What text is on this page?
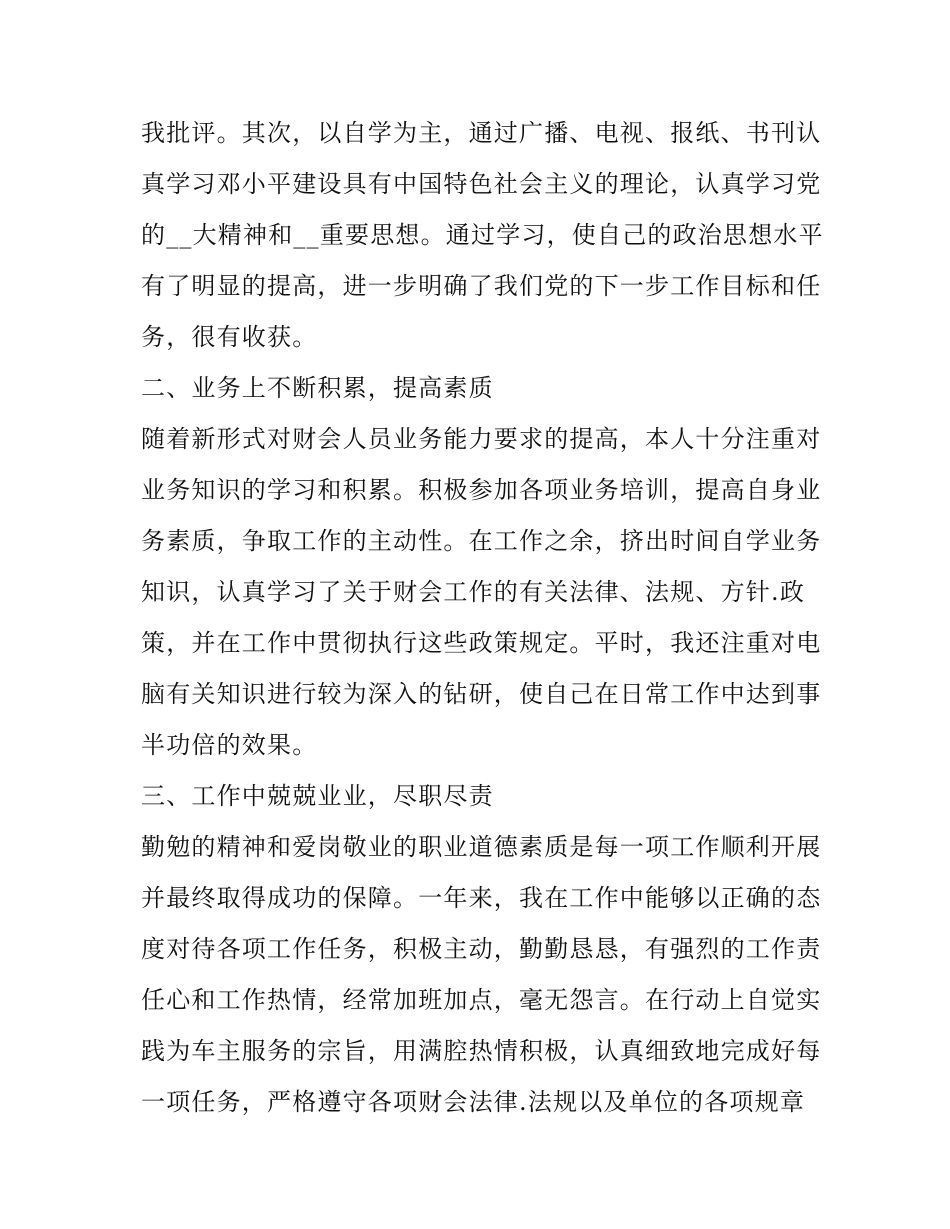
我批评。其次，以自学为主，通过广播、电视、报纸、书刊认
真学习邓小平建设具有中国特色社会主义的理论，认真学习党
的__大精神和__重要思想。通过学习，使自己的政治思想水平
有了明显的提高，进一步明确了我们党的下一步工作目标和任
务，很有收获。
二、业务上不断积累，提高素质
随着新形式对财会人员业务能力要求的提高，本人十分注重对
业务知识的学习和积累。积极参加各项业务培训，提高自身业
务素质，争取工作的主动性。在工作之余，挤出时间自学业务
知识，认真学习了关于财会工作的有关法律、法规、方针.政
策，并在工作中贯彻执行这些政策规定。平时，我还注重对电
脑有关知识进行较为深入的钻研，使自己在日常工作中达到事
半功倍的效果。
三、工作中兢兢业业，尽职尽责
勤勉的精神和爱岗敬业的职业道德素质是每一项工作顺利开展
并最终取得成功的保障。一年来，我在工作中能够以正确的态
度对待各项工作任务，积极主动，勤勤恳恳，有强烈的工作责
任心和工作热情，经常加班加点，毫无怨言。在行动上自觉实
践为车主服务的宗旨，用满腔热情积极，认真细致地完成好每
一项任务，严格遵守各项财会法律.法规以及单位的各项规章
